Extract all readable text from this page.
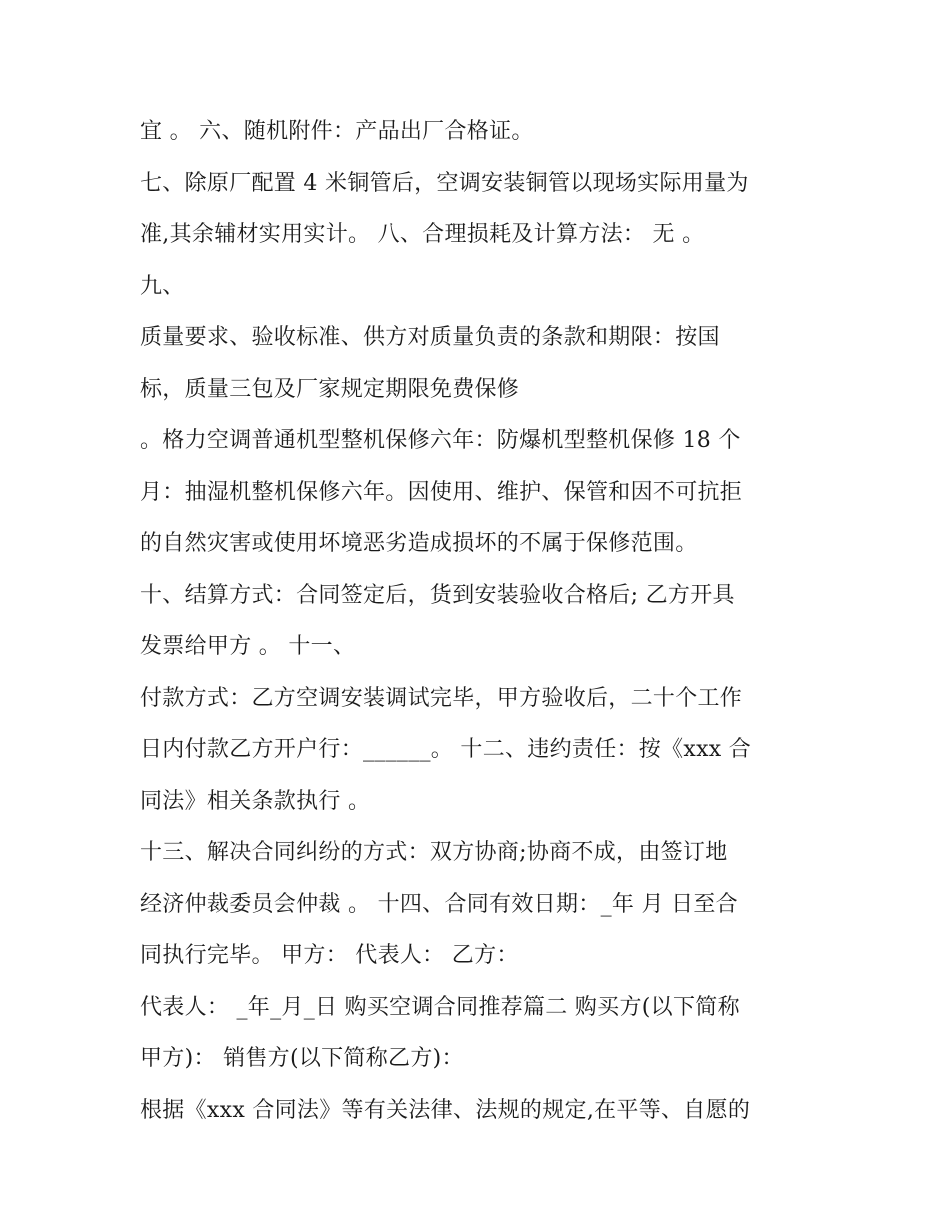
宜 。 六、随机附件：产品出厂合格证。
七、除原厂配置 4 米铜管后，空调安装铜管以现场实际用量为
准,其余辅材实用实计。 八、合理损耗及计算方法： 无 。
九、
质量要求、验收标准、供方对质量负责的条款和期限：按国
标，质量三包及厂家规定期限免费保修
。格力空调普通机型整机保修六年：防爆机型整机保修 18 个
月：抽湿机整机保修六年。因使用、维护、保管和因不可抗拒
的自然灾害或使用坏境恶劣造成损坏的不属于保修范围。
十、结算方式：合同签定后，货到安装验收合格后; 乙方开具
发票给甲方 。 十一、
付款方式：乙方空调安装调试完毕，甲方验收后，二十个工作
日内付款乙方开户行：______。 十二、违约责任：按《xxx 合
同法》相关条款执行 。
十三、解决合同纠纷的方式：双方协商;协商不成，由签订地
经济仲裁委员会仲裁 。 十四、合同有效日期：_年 月 日至合
同执行完毕。 甲方： 代表人： 乙方：
代表人： _年_月_日 购买空调合同推荐篇二 购买方(以下简称
甲方)： 销售方(以下简称乙方)：
根据《xxx 合同法》等有关法律、法规的规定,在平等、自愿的
